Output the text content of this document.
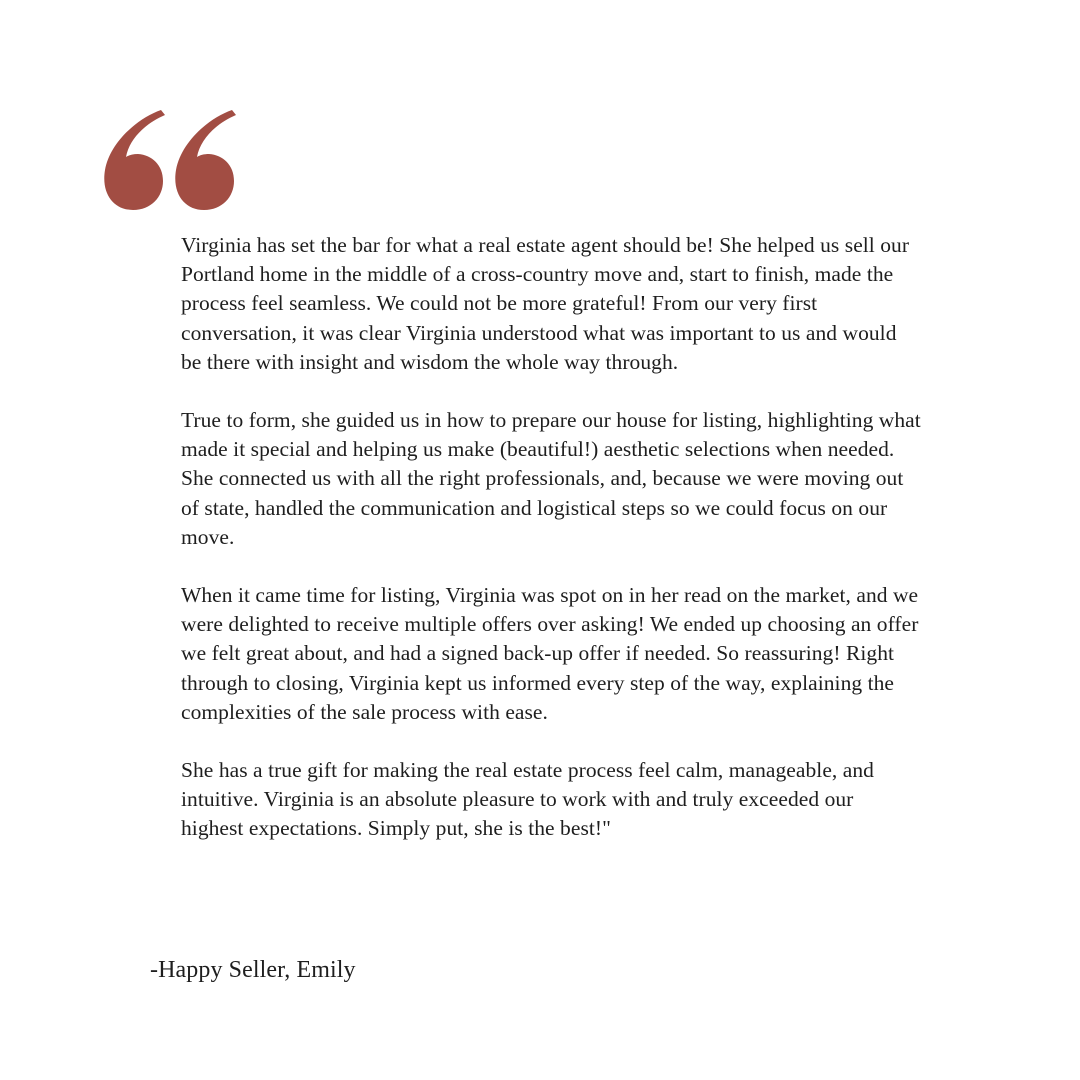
Virginia has set the bar for what a real estate agent should be! She helped us sell our Portland home in the middle of a cross-country move and, start to finish, made the process feel seamless. We could not be more grateful! From our very first conversation, it was clear Virginia understood what was important to us and would be there with insight and wisdom the whole way through.

True to form, she guided us in how to prepare our house for listing, highlighting what made it special and helping us make (beautiful!) aesthetic selections when needed. She connected us with all the right professionals, and, because we were moving out of state, handled the communication and logistical steps so we could focus on our move.

When it came time for listing, Virginia was spot on in her read on the market, and we were delighted to receive multiple offers over asking! We ended up choosing an offer we felt great about, and had a signed back-up offer if needed. So reassuring! Right through to closing, Virginia kept us informed every step of the way, explaining the complexities of the sale process with ease.

She has a true gift for making the real estate process feel calm, manageable, and intuitive. Virginia is an absolute pleasure to work with and truly exceeded our highest expectations. Simply put, she is the best!"

-Happy Seller, Emily
